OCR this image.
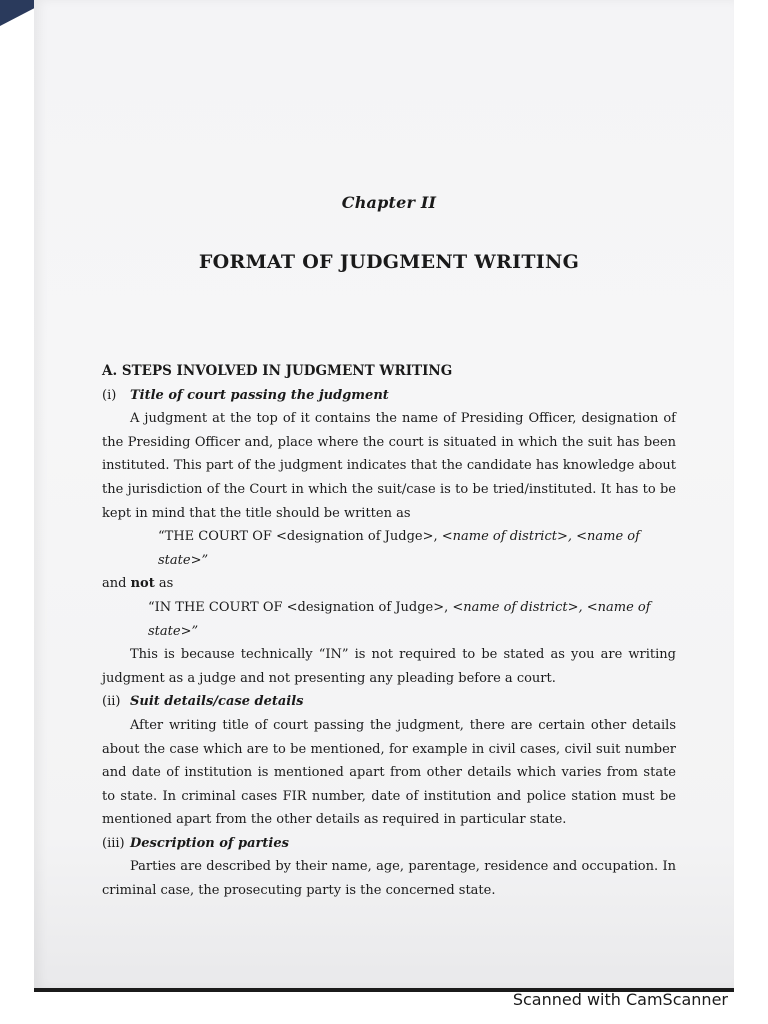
Chapter II
FORMAT OF JUDGMENT WRITING
A. STEPS INVOLVED IN JUDGMENT WRITING
(i) Title of court passing the judgment

A judgment at the top of it contains the name of Presiding Officer, designation of the Presiding Officer and, place where the court is situated in which the suit has been instituted. This part of the judgment indicates that the candidate has knowledge about the jurisdiction of the Court in which the suit/case is to be tried/instituted. It has to be kept in mind that the title should be written as

“THE COURT OF <designation of Judge>, <name of district>, <name of state>”

and not as

“IN THE COURT OF <designation of Judge>, <name of district>, <name of state>”

This is because technically “IN” is not required to be stated as you are writing judgment as a judge and not presenting any pleading before a court.

(ii) Suit details/case details

After writing title of court passing the judgment, there are certain other details about the case which are to be mentioned, for example in civil cases, civil suit number and date of institution is mentioned apart from other details which varies from state to state. In criminal cases FIR number, date of institution and police station must be mentioned apart from the other details as required in particular state.

(iii) Description of parties

Parties are described by their name, age, parentage, residence and occupation. In criminal case, the prosecuting party is the concerned state.

Scanned with CamScanner
